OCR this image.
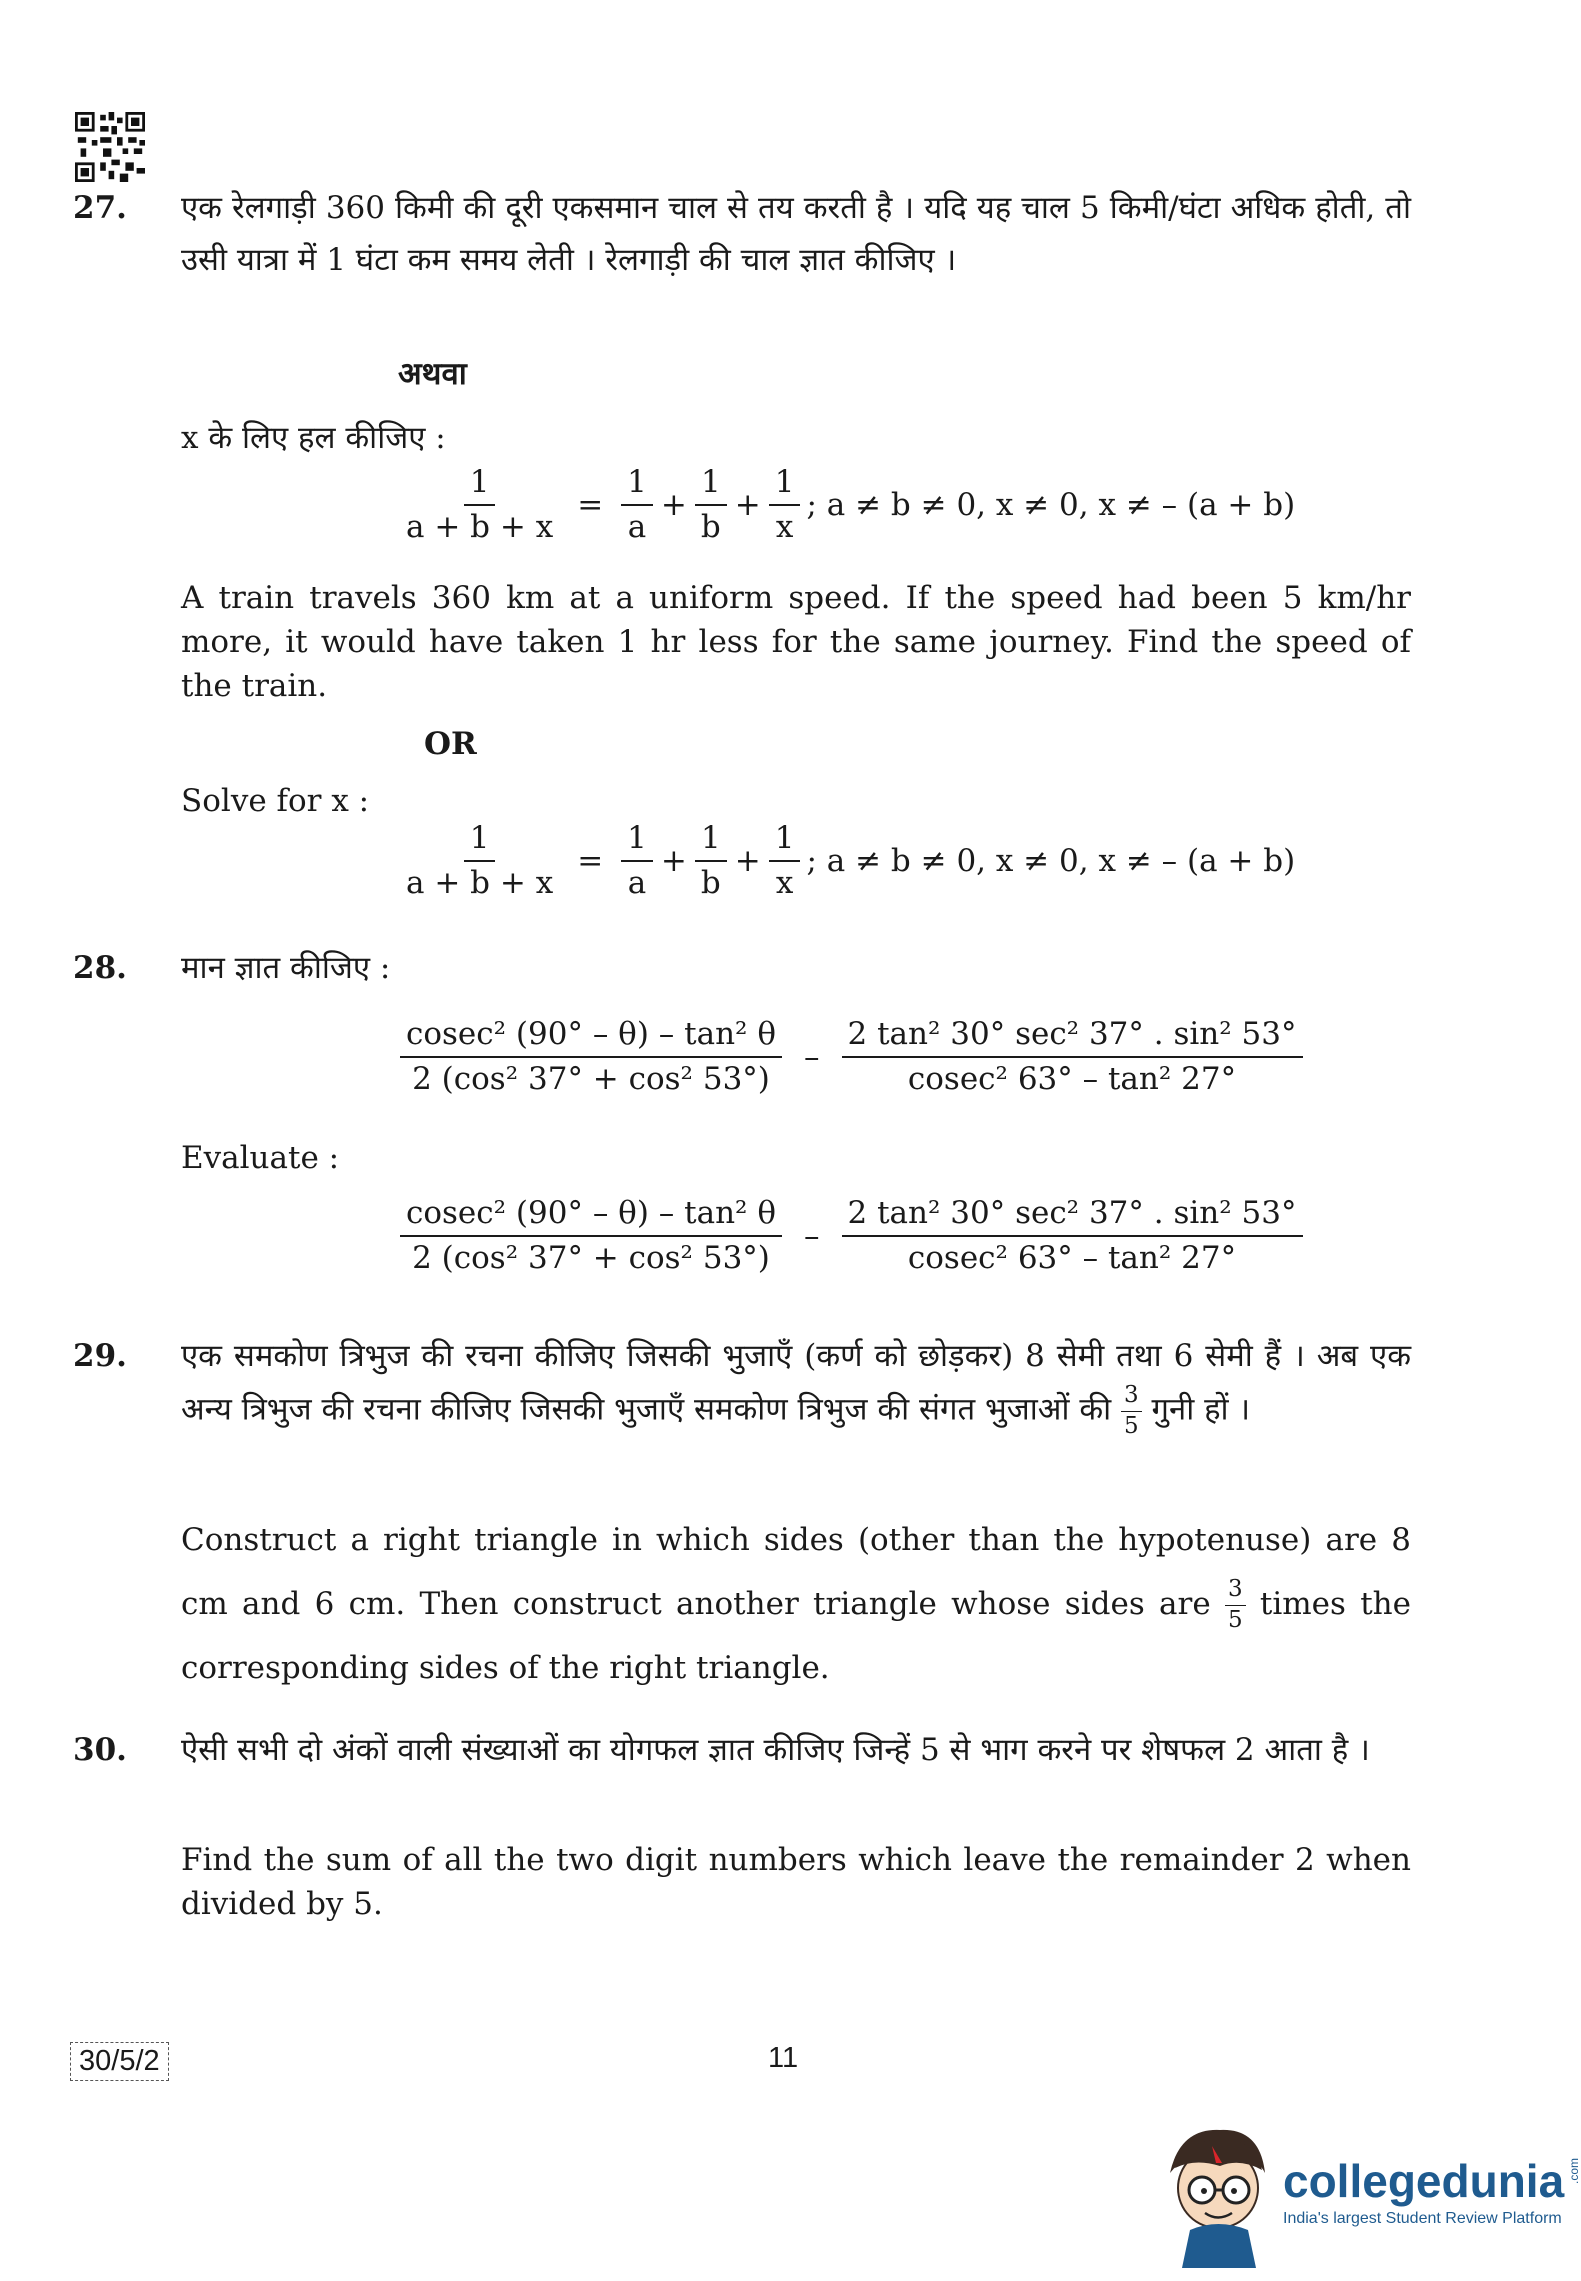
27. एक रेलगाड़ी 360 किमी की दूरी एकसमान चाल से तय करती है । यदि यह चाल 5 किमी/घंटा अधिक होती, तो उसी यात्रा में 1 घंटा कम समय लेती । रेलगाड़ी की चाल ज्ञात कीजिए ।
अथवा
x के लिए हल कीजिए :
$\frac{1}{a + b + x} = \frac{1}{a} + \frac{1}{b} + \frac{1}{x}$ ; a ≠ b ≠ 0, x ≠ 0, x ≠ – (a + b)
A train travels 360 km at a uniform speed. If the speed had been 5 km/hr more, it would have taken 1 hr less for the same journey. Find the speed of the train.
OR
Solve for x :
$\frac{1}{a + b + x} = \frac{1}{a} + \frac{1}{b} + \frac{1}{x}$ ; a ≠ b ≠ 0, x ≠ 0, x ≠ – (a + b)
28. मान ज्ञात कीजिए :
$\frac{\text{cosec² (90° – θ) – tan² θ}}{\text{2 (cos² 37° + cos² 53°)}} - \frac{\text{2 tan² 30° sec² 37° . sin² 53°}}{\text{cosec² 63° – tan² 27°}}$
Evaluate :
$\frac{\text{cosec² (90° – θ) – tan² θ}}{\text{2 (cos² 37° + cos² 53°)}} - \frac{\text{2 tan² 30° sec² 37° . sin² 53°}}{\text{cosec² 63° – tan² 27°}}$
29. एक समकोण त्रिभुज की रचना कीजिए जिसकी भुजाएँ (कर्ण को छोड़कर) 8 सेमी तथा 6 सेमी हैं । अब एक अन्य त्रिभुज की रचना कीजिए जिसकी भुजाएँ समकोण त्रिभुज की संगत भुजाओं की $\frac{3}{5}$ गुनी हों ।
Construct a right triangle in which sides (other than the hypotenuse) are 8 cm and 6 cm. Then construct another triangle whose sides are $\frac{3}{5}$ times the corresponding sides of the right triangle.
30. ऐसी सभी दो अंकों वाली संख्याओं का योगफल ज्ञात कीजिए जिन्हें 5 से भाग करने पर शेषफल 2 आता है ।
Find the sum of all the two digit numbers which leave the remainder 2 when divided by 5.
30/5/2	11
collegedunia .com
India's largest Student Review Platform
